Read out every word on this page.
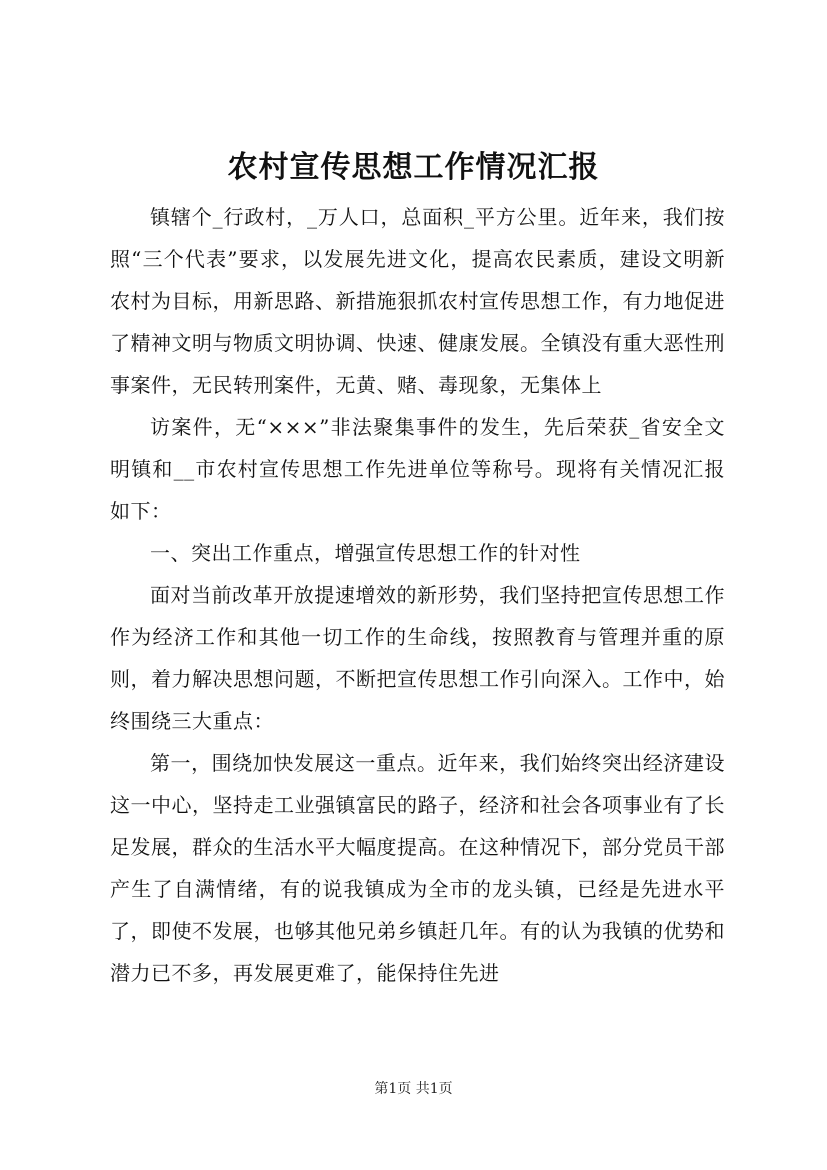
农村宣传思想工作情况汇报

镇辖个_行政村，_万人口，总面积_平方公里。近年来，我们按照“三个代表”要求，以发展先进文化，提高农民素质，建设文明新农村为目标，用新思路、新措施狠抓农村宣传思想工作，有力地促进了精神文明与物质文明协调、快速、健康发展。全镇没有重大恶性刑事案件，无民转刑案件，无黄、赌、毒现象，无集体上

访案件，无“×××”非法聚集事件的发生，先后荣获_省安全文明镇和__市农村宣传思想工作先进单位等称号。现将有关情况汇报如下：

一、突出工作重点，增强宣传思想工作的针对性

面对当前改革开放提速增效的新形势，我们坚持把宣传思想工作作为经济工作和其他一切工作的生命线，按照教育与管理并重的原则，着力解决思想问题，不断把宣传思想工作引向深入。工作中，始终围绕三大重点：

第一，围绕加快发展这一重点。近年来，我们始终突出经济建设这一中心，坚持走工业强镇富民的路子，经济和社会各项事业有了长足发展，群众的生活水平大幅度提高。在这种情况下，部分党员干部产生了自满情绪，有的说我镇成为全市的龙头镇，已经是先进水平了，即使不发展，也够其他兄弟乡镇赶几年。有的认为我镇的优势和潜力已不多，再发展更难了，能保持住先进

第1页 共1页
